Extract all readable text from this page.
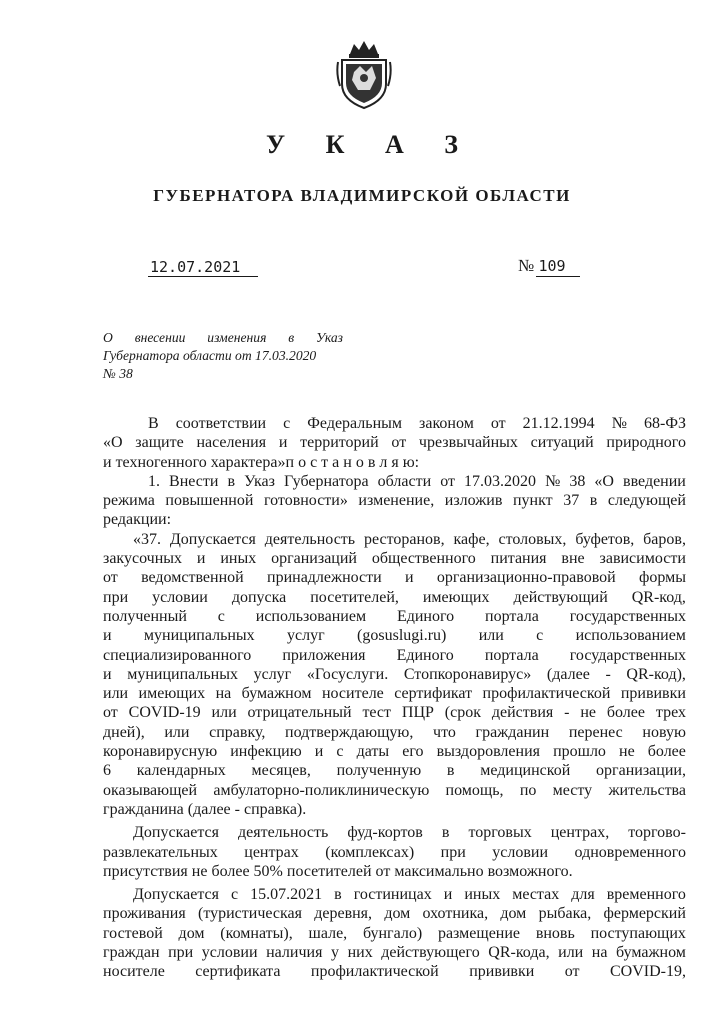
У К А З
ГУБЕРНАТОРА ВЛАДИМИРСКОЙ ОБЛАСТИ
12.07.2021	№ 109
О внесении изменения в Указ
Губернатора области от 17.03.2020
№ 38
В соответствии с Федеральным законом от 21.12.1994 № 68-ФЗ
«О защите населения и территорий от чрезвычайных ситуаций природного
и техногенного характера» п о с т а н о в л я ю:
1. Внести в Указ Губернатора области от 17.03.2020 № 38 «О введении
режима повышенной готовности» изменение, изложив пункт 37 в следующей
редакции:
«37. Допускается деятельность ресторанов, кафе, столовых, буфетов, баров,
закусочных и иных организаций общественного питания вне зависимости
от ведомственной принадлежности и организационно-правовой формы
при условии допуска посетителей, имеющих действующий QR-код,
полученный с использованием Единого портала государственных
и муниципальных услуг (gosuslugi.ru) или с использованием
специализированного приложения Единого портала государственных
и муниципальных услуг «Госуслуги. Стопкоронавирус» (далее - QR-код),
или имеющих на бумажном носителе сертификат профилактической прививки
от COVID-19 или отрицательный тест ПЦР (срок действия - не более трех
дней), или справку, подтверждающую, что гражданин перенес новую
коронавирусную инфекцию и с даты его выздоровления прошло не более
6 календарных месяцев, полученную в медицинской организации,
оказывающей амбулаторно-поликлиническую помощь, по месту жительства
гражданина (далее - справка).
Допускается деятельность фуд-кортов в торговых центрах, торгово-
развлекательных центрах (комплексах) при условии одновременного
присутствия не более 50% посетителей от максимально возможного.
Допускается с 15.07.2021 в гостиницах и иных местах для временного
проживания (туристическая деревня, дом охотника, дом рыбака, фермерский
гостевой дом (комнаты), шале, бунгало) размещение вновь поступающих
граждан при условии наличия у них действующего QR-кода, или на бумажном
носителе сертификата профилактической прививки от COVID-19,
